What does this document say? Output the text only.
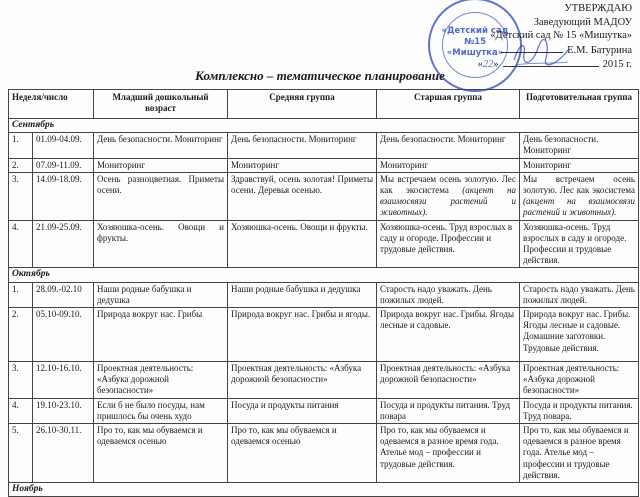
«Детский сад
№15
«Мишутка»
УТВЕРЖДАЮ
Заведующий МАДОУ
«Детский сад № 15 «Мишутка»
Е.М. Батурина
«22»	2015 г.
Комплексно – тематическое планирование
Неделя/число		Младший дошкольный возраст	Средняя группа	Старшая группа	Подготовительная группа
Сентябрь					
1.	01.09-04.09.	День безопасности. Мониторинг	День безопасности. Мониторинг	День безопасности. Мониторинг	День безопасности. Мониторинг
2.	07.09-11.09.	Мониторинг	Мониторинг	Мониторинг	Мониторинг
3.	14.09-18.09.	Осень разноцветная. Приметы осени.	Здравствуй, осень золотая! Приметы осени. Деревья осенью.	Мы встречаем осень золотую. Лес как экосистема (акцент на взаимосвязи растений и животных).	Мы встречаем осень золотую. Лес как экосистема (акцент на взаимосвязи растений и животных).
4.	21.09-25.09.	Хозяюшка-осень. Овощи и фрукты.	Хозяюшка-осень. Овощи и фрукты.	Хозяюшка-осень. Труд взрослых в саду и огороде. Профессии и трудовые действия.	Хозяюшка-осень. Труд взрослых в саду и огороде. Профессии и трудовые действия.
Октябрь					
1.	28.09.-02.10	Наши родные бабушка и дедушка	Наши родные бабушка и дедушка	Старость надо уважать. День пожилых людей.	Старость надо уважать. День пожилых людей.
2.	05.10-09.10.	Природа вокруг нас. Грибы	Природа вокруг нас. Грибы и ягоды.	Природа вокруг нас. Грибы. Ягоды лесные и садовые.	Природа вокруг нас. Грибы. Ягоды лесные и садовые. Домашние заготовки. Трудовые действия.
3.	12.10-16.10.	Проектная деятельность: «Азбука дорожной безопасности»	Проектная деятельность: «Азбука дорожной безопасности»	Проектная деятельность: «Азбука дорожной безопасности»	Проектная деятельность: «Азбука дорожной безопасности»
4.	19.10-23.10.	Если б не было посуды, нам пришлось бы очень худо	Посуда и продукты питания	Посуда и продукты питания. Труд повара	Посуда и продукты питания. Труд повара.
5.	26.10-30.11.	Про то, как мы обуваемся и одеваемся осенью	Про то, как мы обуваемся и одеваемся осенью	Про то, как мы обуваемся и одеваемся в разное время года. Ателье мод – профессии и трудовые действия.	Про то, как мы обуваемся и одеваемся в разное время года. Ателье мод – профессии и трудовые действия.
Ноябрь					
